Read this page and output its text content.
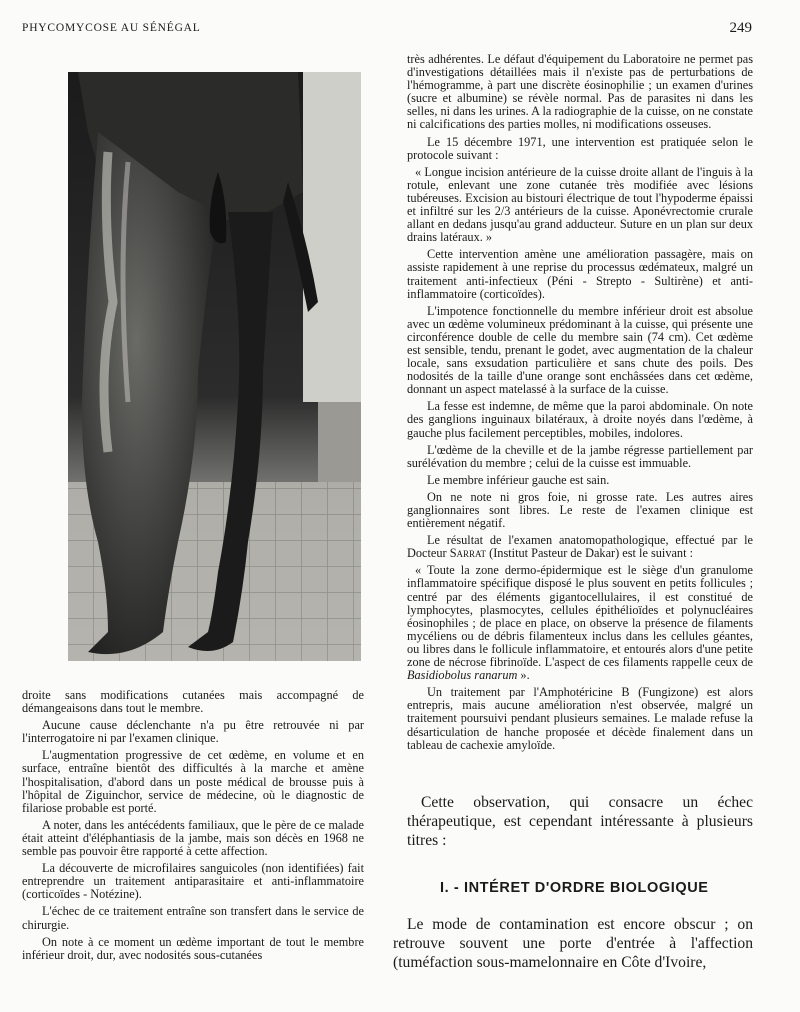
PHYCOMYCOSE AU SÉNÉGAL	249

droite sans modifications cutanées mais accompagné de démangeaisons dans tout le membre.

Aucune cause déclenchante n'a pu être retrouvée ni par l'interrogatoire ni par l'examen clinique.

L'augmentation progressive de cet œdème, en volume et en surface, entraîne bientôt des difficultés à la marche et amène l'hospitalisation, d'abord dans un poste médical de brousse puis à l'hôpital de Ziguinchor, service de médecine, où le diagnostic de filariose probable est porté.

A noter, dans les antécédents familiaux, que le père de ce malade était atteint d'éléphantiasis de la jambe, mais son décès en 1968 ne semble pas pouvoir être rapporté à cette affection.

La découverte de microfilaires sanguicoles (non identifiées) fait entreprendre un traitement antiparasitaire et anti-inflammatoire (corticoïdes - Notézine).

L'échec de ce traitement entraîne son transfert dans le service de chirurgie.

On note à ce moment un œdème important de tout le membre inférieur droit, dur, avec nodosités sous-cutanées

très adhérentes. Le défaut d'équipement du Laboratoire ne permet pas d'investigations détaillées mais il n'existe pas de perturbations de l'hémogramme, à part une discrète éosinophilie ; un examen d'urines (sucre et albumine) se révèle normal. Pas de parasites ni dans les selles, ni dans les urines. A la radiographie de la cuisse, on ne constate ni calcifications des parties molles, ni modifications osseuses.

Le 15 décembre 1971, une intervention est pratiquée selon le protocole suivant :

« Longue incision antérieure de la cuisse droite allant de l'inguis à la rotule, enlevant une zone cutanée très modifiée avec lésions tubéreuses. Excision au bistouri électrique de tout l'hypoderme épaissi et infiltré sur les 2/3 antérieurs de la cuisse. Aponévrectomie crurale allant en dedans jusqu'au grand adducteur. Suture en un plan sur deux drains latéraux. »

Cette intervention amène une amélioration passagère, mais on assiste rapidement à une reprise du processus œdémateux, malgré un traitement anti-infectieux (Péni - Strepto - Sultirène) et anti-inflammatoire (corticoïdes).

L'impotence fonctionnelle du membre inférieur droit est absolue avec un œdème volumineux prédominant à la cuisse, qui présente une circonférence double de celle du membre sain (74 cm). Cet œdème est sensible, tendu, prenant le godet, avec augmentation de la chaleur locale, sans exsudation particulière et sans chute des poils. Des nodosités de la taille d'une orange sont enchâssées dans cet œdème, donnant un aspect matelassé à la surface de la cuisse.

La fesse est indemne, de même que la paroi abdominale. On note des ganglions inguinaux bilatéraux, à droite noyés dans l'œdème, à gauche plus facilement perceptibles, mobiles, indolores.

L'œdème de la cheville et de la jambe régresse partiellement par surélévation du membre ; celui de la cuisse est immuable.

Le membre inférieur gauche est sain.

On ne note ni gros foie, ni grosse rate. Les autres aires ganglionnaires sont libres. Le reste de l'examen clinique est entièrement négatif.

Le résultat de l'examen anatomopathologique, effectué par le Docteur Sarrat (Institut Pasteur de Dakar) est le suivant :

« Toute la zone dermo-épidermique est le siège d'un granulome inflammatoire spécifique disposé le plus souvent en petits follicules ; centré par des éléments gigantocellulaires, il est constitué de lymphocytes, plasmocytes, cellules épithélioïdes et polynucléaires éosinophiles ; de place en place, on observe la présence de filaments mycéliens ou de débris filamenteux inclus dans les cellules géantes, ou libres dans le follicule inflammatoire, et entourés alors d'une petite zone de nécrose fibrinoïde. L'aspect de ces filaments rappelle ceux de Basidiobolus ranarum ».

Un traitement par l'Amphotéricine B (Fungizone) est alors entrepris, mais aucune amélioration n'est observée, malgré un traitement poursuivi pendant plusieurs semaines. Le malade refuse la désarticulation de hanche proposée et décède finalement dans un tableau de cachexie amyloïde.

Cette observation, qui consacre un échec thérapeutique, est cependant intéressante à plusieurs titres :

I. - INTÉRET D'ORDRE BIOLOGIQUE

Le mode de contamination est encore obscur ; on retrouve souvent une porte d'entrée à l'affection (tuméfaction sous-mamelonnaire en Côte d'Ivoire,
